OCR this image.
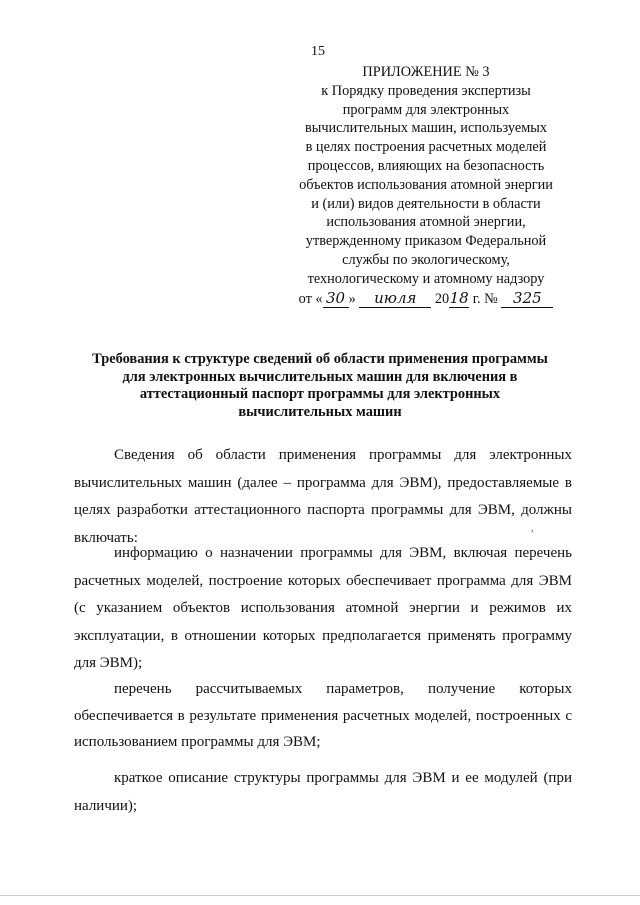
15
ПРИЛОЖЕНИЕ № 3
к Порядку проведения экспертизы
программ для электронных
вычислительных машин, используемых
в целях построения расчетных моделей
процессов, влияющих на безопасность
объектов использования атомной энергии
и (или) видов деятельности в области
использования атомной энергии,
утвержденному приказом Федеральной
службы по экологическому,
технологическому и атомному надзору
от « 30 » июля 2018 г. № 325
Требования к структуре сведений об области применения программы
для электронных вычислительных машин для включения в
аттестационный паспорт программы для электронных
вычислительных машин
Сведения об области применения программы для электронных вычислительных машин (далее – программа для ЭВМ), предоставляемые в целях разработки аттестационного паспорта программы для ЭВМ, должны включать:
,
информацию о назначении программы для ЭВМ, включая перечень расчетных моделей, построение которых обеспечивает программа для ЭВМ (с указанием объектов использования атомной энергии и режимов их эксплуатации, в отношении которых предполагается применять программу для ЭВМ);
перечень рассчитываемых параметров, получение которых обеспечивается в результате применения расчетных моделей, построенных с использованием программы для ЭВМ;
краткое описание структуры программы для ЭВМ и ее модулей (при наличии);
